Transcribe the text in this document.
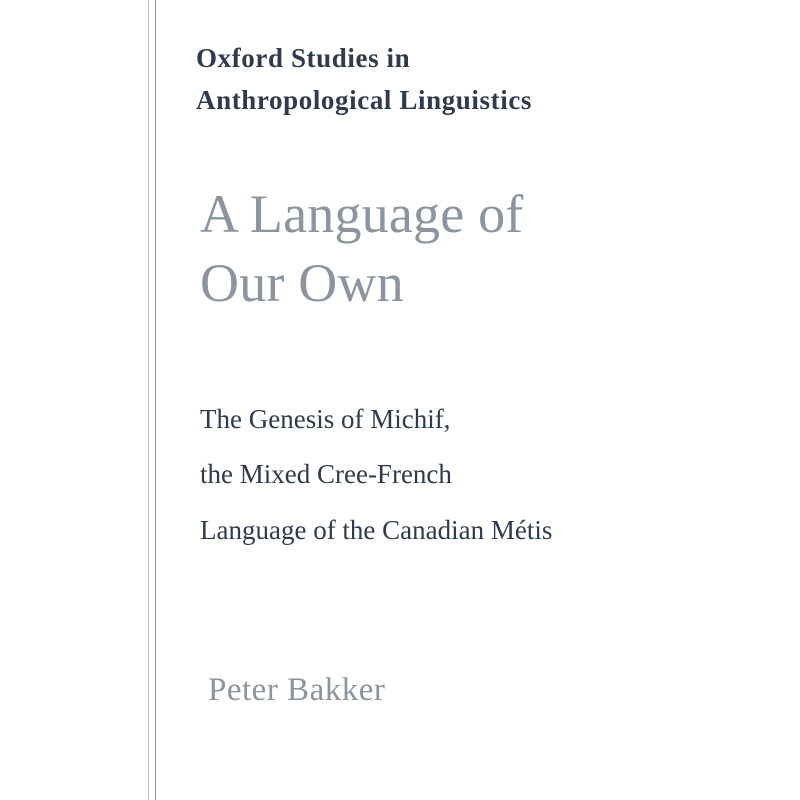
Oxford Studies in
Anthropological Linguistics
A Language of
Our Own
The Genesis of Michif,
the Mixed Cree-French
Language of the Canadian Métis
Peter Bakker
